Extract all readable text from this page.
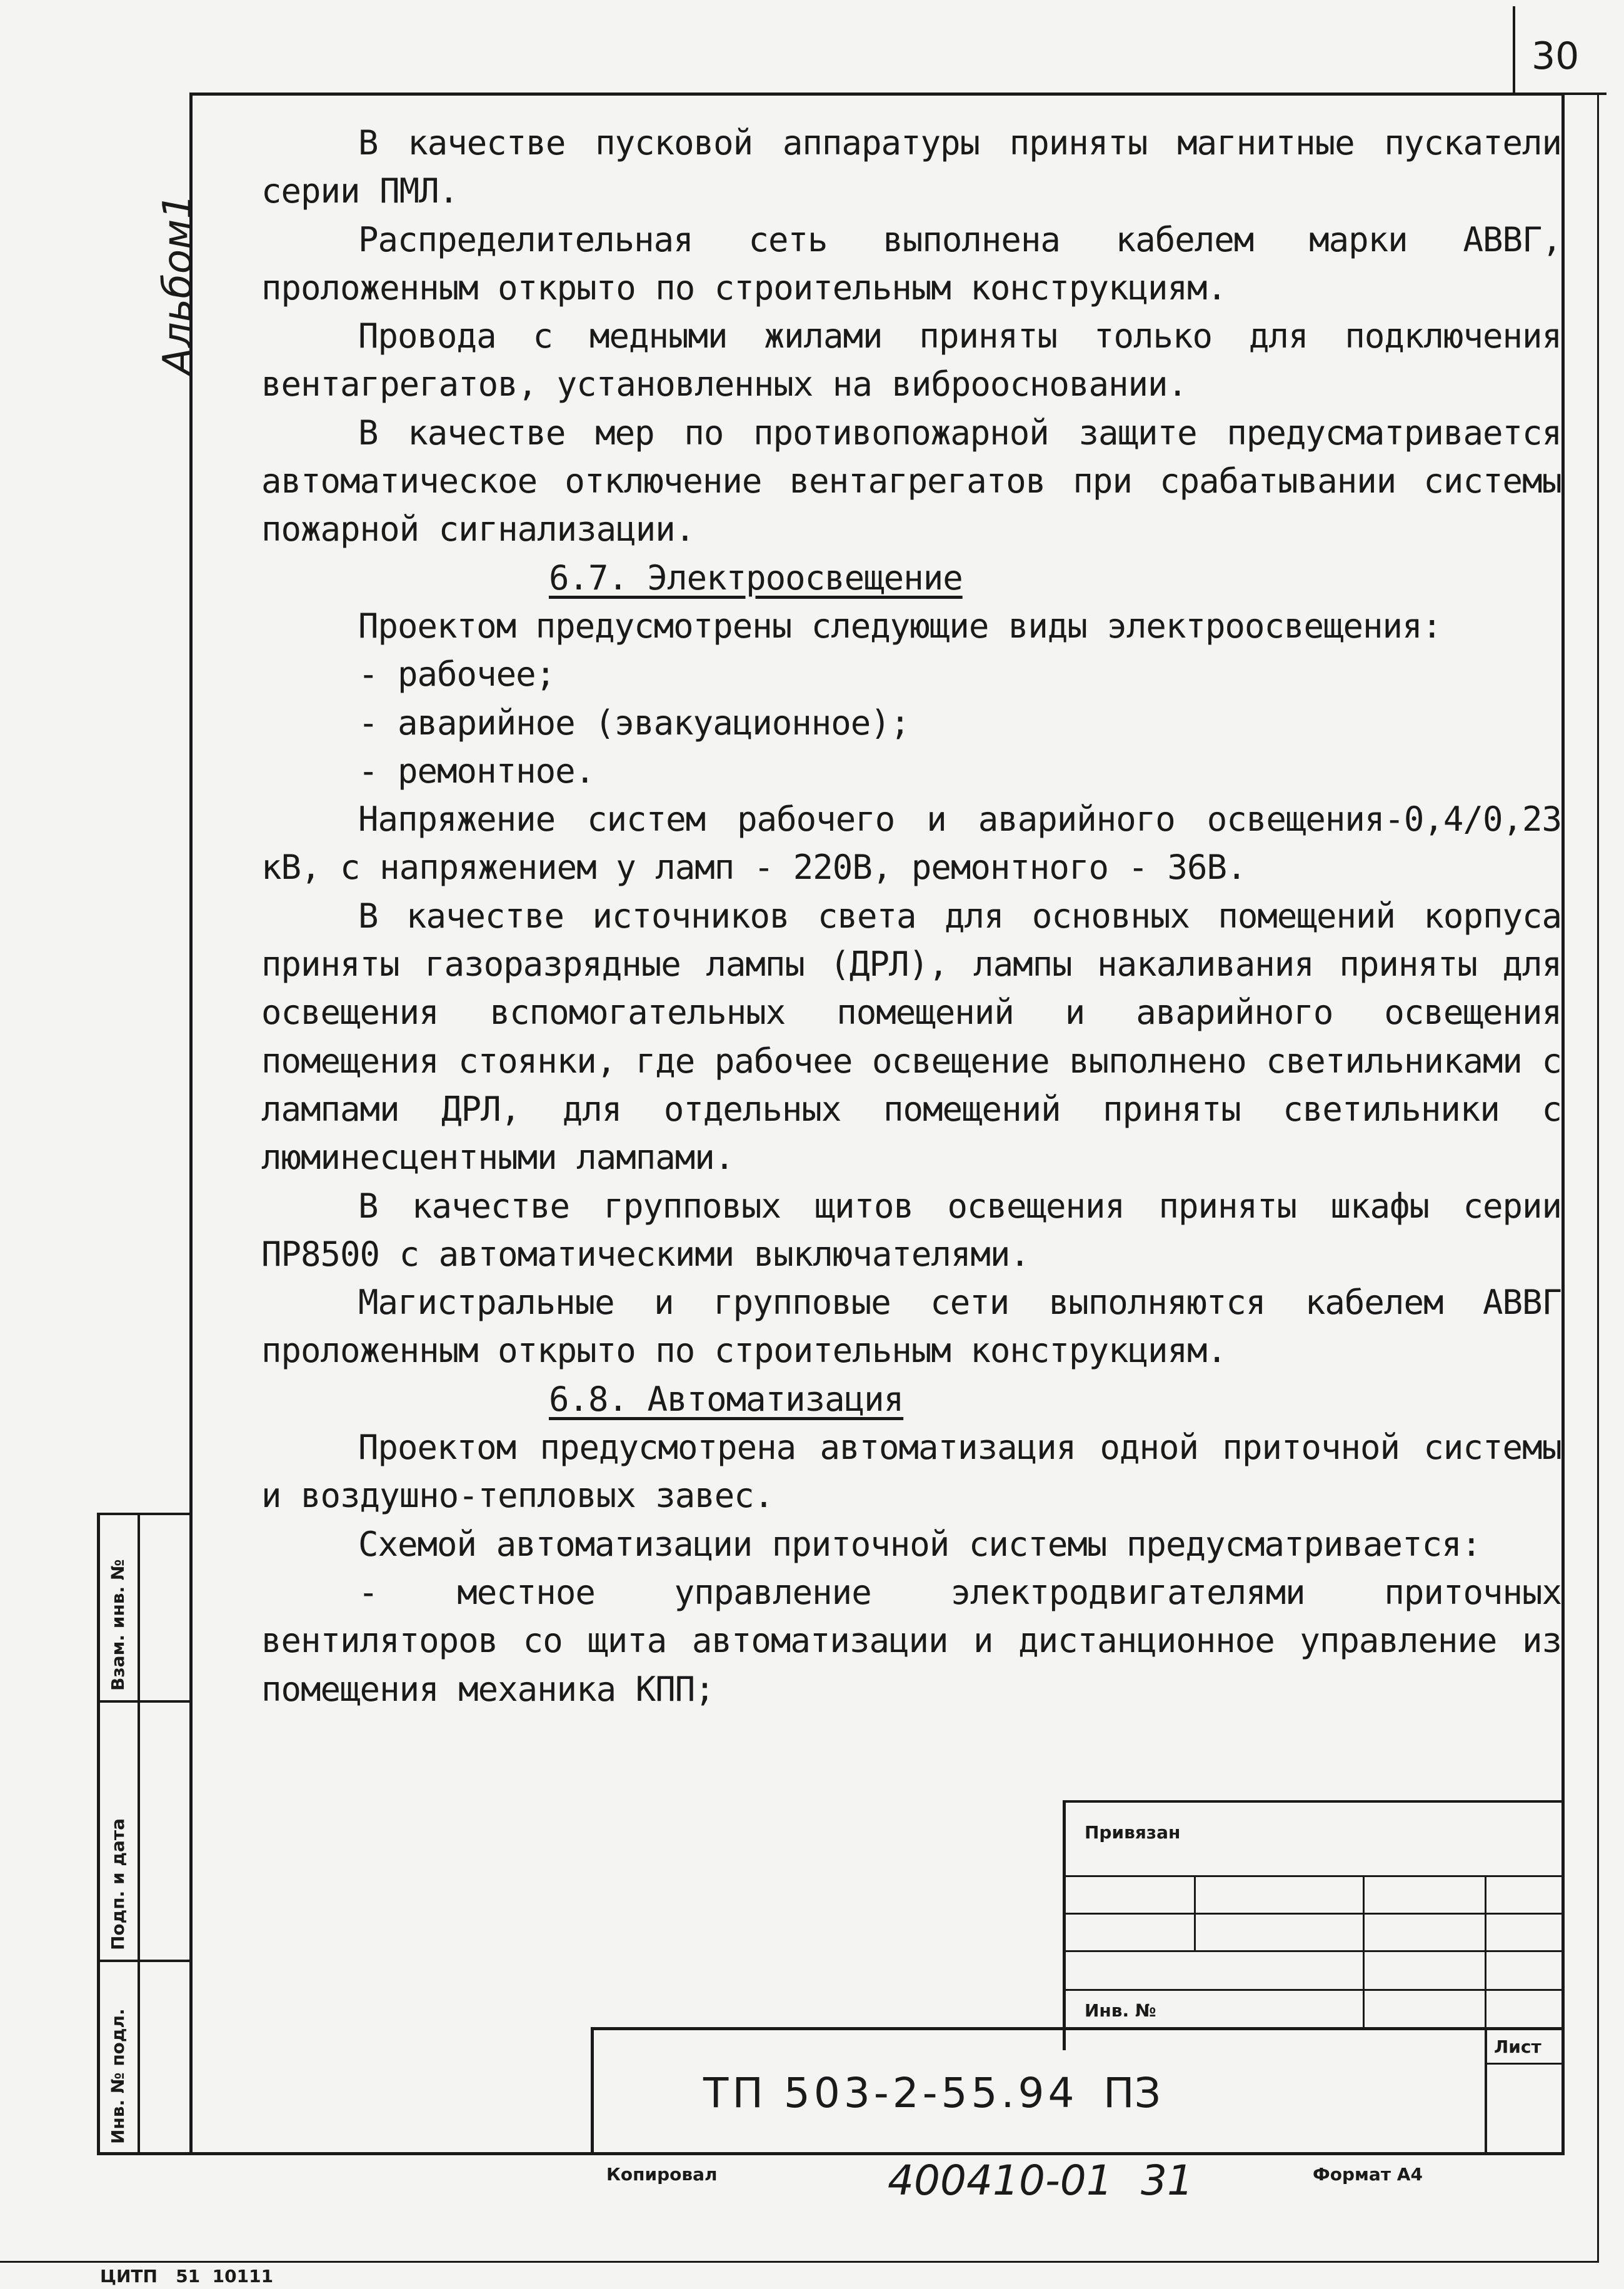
30
Альбом1
Взам. инв. №
Подп. и дата
Инв. № подл.

В качестве пусковой аппаратуры приняты магнитные пускатели серии ПМЛ.

Распределительная сеть выполнена кабелем марки АВВГ, проложенным открыто по строительным конструкциям.

Провода с медными жилами приняты только для подключения вентагрегатов, установленных на виброосновании.

В качестве мер по противопожарной защите предусматривается автоматическое отключение вентагрегатов при срабатывании системы пожарной сигнализации.

6.7. Электроосвещение

Проектом предусмотрены следующие виды электроосвещения:

- рабочее;

- аварийное (эвакуационное);

- ремонтное.

Напряжение систем рабочего и аварийного освещения-0,4/0,23 кВ, с напряжением у ламп - 220В, ремонтного - 36В.

В качестве источников света для основных помещений корпуса приняты газоразрядные лампы (ДРЛ), лампы накаливания приняты для освещения вспомогательных помещений и аварийного освещения помещения стоянки, где рабочее освещение выполнено светильниками с лампами ДРЛ, для отдельных помещений приняты светильники с люминесцентными лампами.

В качестве групповых щитов освещения приняты шкафы серии ПР8500 с автоматическими выключателями.

Магистральные и групповые сети выполняются кабелем АВВГ проложенным открыто по строительным конструкциям.

6.8. Автоматизация

Проектом предусмотрена автоматизация одной приточной системы и воздушно-тепловых завес.

Схемой автоматизации приточной системы предусматривается:

- местное управление электродвигателями приточных вентиляторов со щита автоматизации и дистанционное управление из помещения механика КПП;

Привязан
Инв. №
Лист
ТП 503-2-55.94 ПЗ
Копировал	400410-01 31	Формат А4
ЦИТП   51  10111
